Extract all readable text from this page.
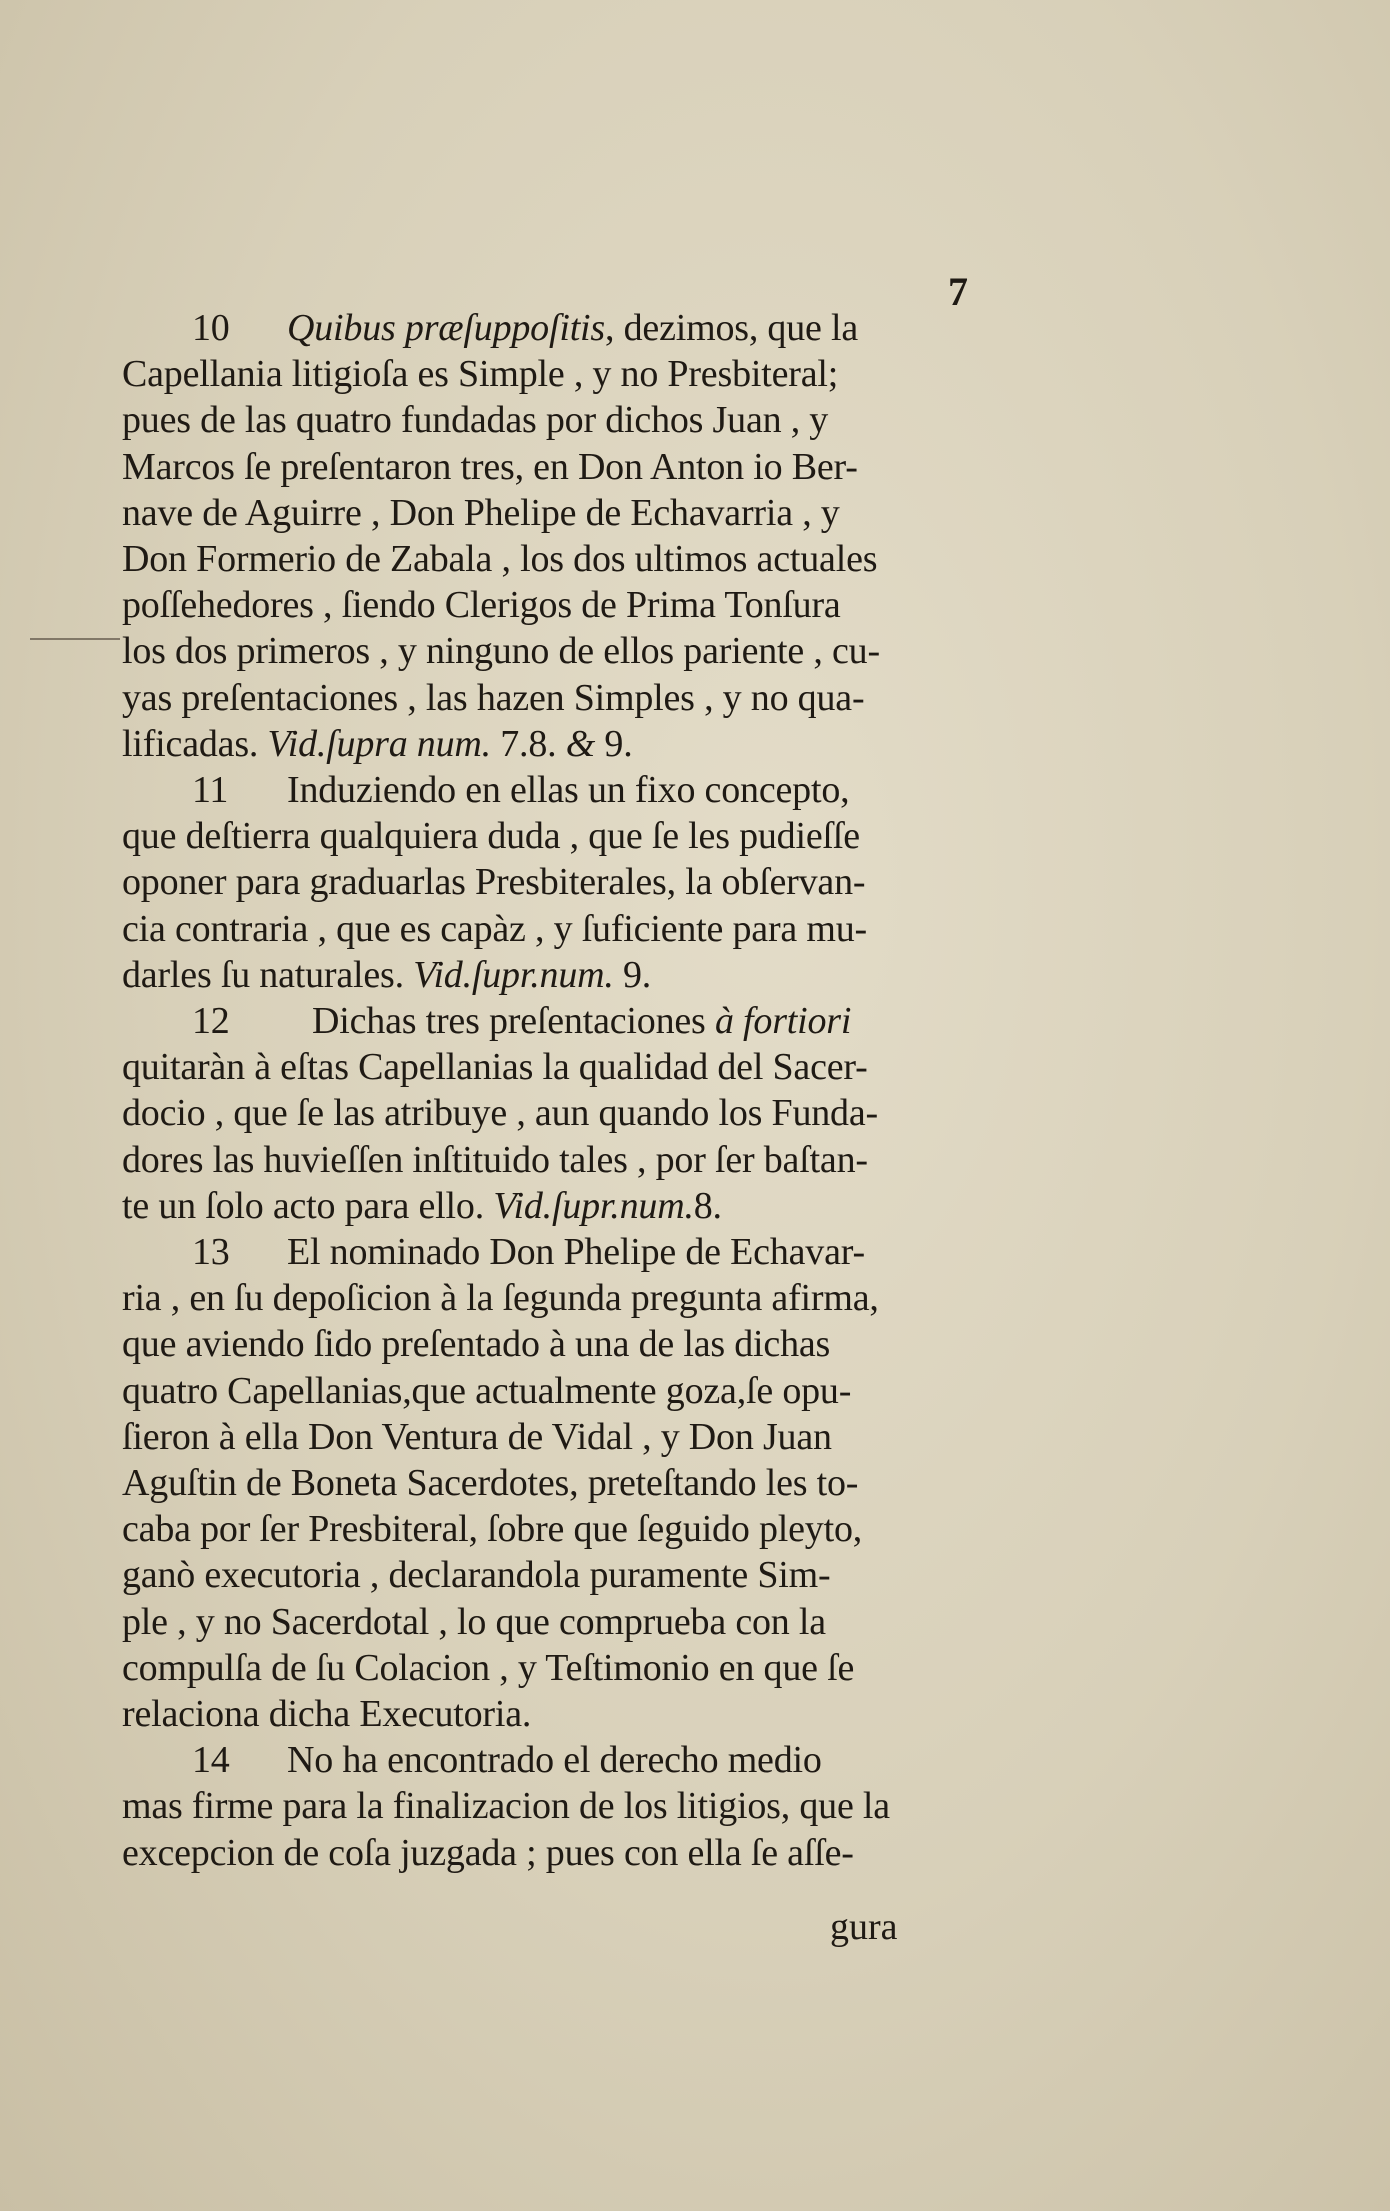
7
10 Quibus præſuppoſitis, dezimos, que la
Capellania litigioſa es Simple , y no Presbiteral;
pues de las quatro fundadas por dichos Juan , y
Marcos ſe preſentaron tres, en Don Anton io Ber-
nave de Aguirre , Don Phelipe de Echavarria , y
Don Formerio de Zabala , los dos ultimos actuales
poſſehedores , ſiendo Clerigos de Prima Tonſura
los dos primeros , y ninguno de ellos pariente , cu-
yas preſentaciones , las hazen Simples , y no qua-
lificadas. Vid.ſupra num. 7.8. & 9.
11 Induziendo en ellas un fixo concepto,
que deſtierra qualquiera duda , que ſe les pudieſſe
oponer para graduarlas Presbiterales, la obſervan-
cia contraria , que es capàz , y ſuficiente para mu-
darles ſu naturales. Vid.ſupr.num. 9.
12 Dichas tres preſentaciones à fortiori
quitaràn à eſtas Capellanias la qualidad del Sacer-
docio , que ſe las atribuye , aun quando los Funda-
dores las huvieſſen inſtituido tales , por ſer baſtan-
te un ſolo acto para ello. Vid.ſupr.num.8.
13 El nominado Don Phelipe de Echavar-
ria , en ſu depoſicion à la ſegunda pregunta afirma,
que aviendo ſido preſentado à una de las dichas
quatro Capellanias,que actualmente goza,ſe opu-
ſieron à ella Don Ventura de Vidal , y Don Juan
Aguſtin de Boneta Sacerdotes, preteſtando les to-
caba por ſer Presbiteral, ſobre que ſeguido pleyto,
ganò executoria , declarandola puramente Sim-
ple , y no Sacerdotal , lo que comprueba con la
compulſa de ſu Colacion , y Teſtimonio en que ſe
relaciona dicha Executoria.
14 No ha encontrado el derecho medio
mas firme para la finalizacion de los litigios, que la
excepcion de coſa juzgada ; pues con ella ſe aſſe-
gura
